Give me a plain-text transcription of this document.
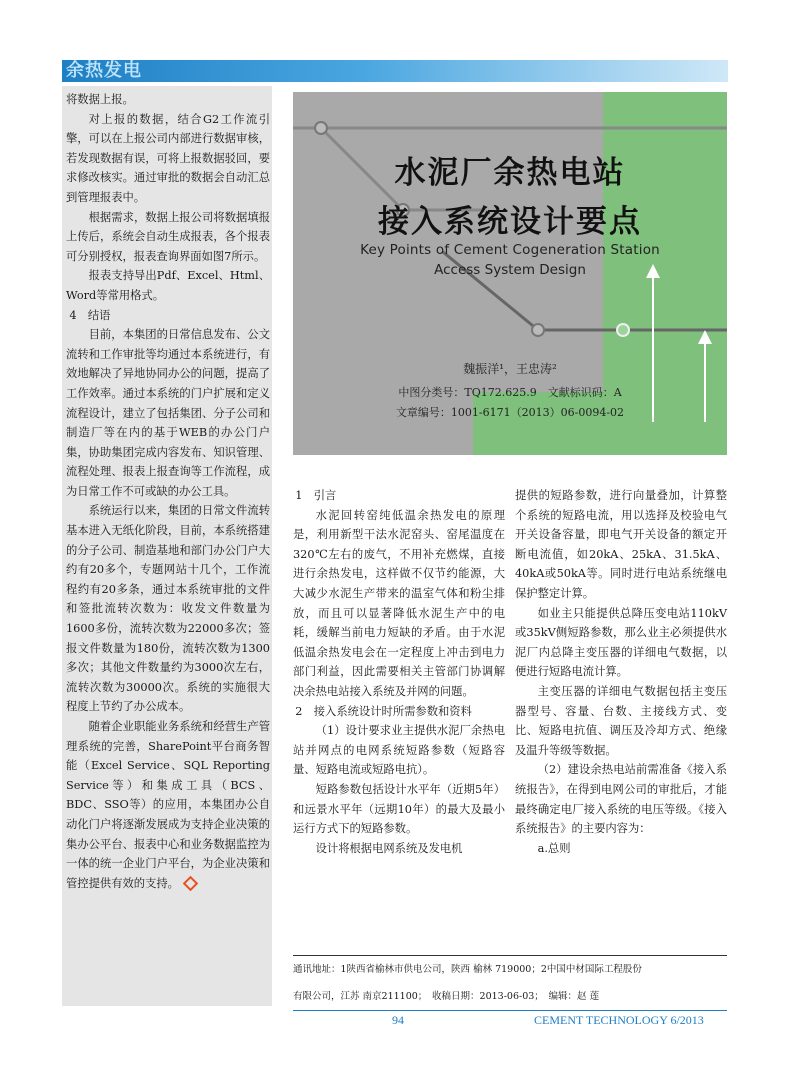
余热发电

将数据上报。

对上报的数据，结合G2工作流引擎，可以在上报公司内部进行数据审核，若发现数据有误，可将上报数据驳回，要求修改核实。通过审批的数据会自动汇总到管理报表中。

根据需求，数据上报公司将数据填报上传后，系统会自动生成报表，各个报表可分别授权，报表查询界面如图7所示。

报表支持导出Pdf、Excel、Html、Word等常用格式。

4　结语

目前，本集团的日常信息发布、公文流转和工作审批等均通过本系统进行，有效地解决了异地协同办公的问题，提高了工作效率。通过本系统的门户扩展和定义流程设计，建立了包括集团、分子公司和制造厂等在内的基于WEB的办公门户集，协助集团完成内容发布、知识管理、流程处理、报表上报查询等工作流程，成为日常工作不可或缺的办公工具。

系统运行以来，集团的日常文件流转基本进入无纸化阶段，目前，本系统搭建的分子公司、制造基地和部门办公门户大约有20多个，专题网站十几个，工作流程约有20多条，通过本系统审批的文件和签批流转次数为：收发文件数量为1600多份，流转次数为22000多次；签报文件数量为180份，流转次数为1300多次；其他文件数量约为3000次左右，流转次数为30000次。系统的实施很大程度上节约了办公成本。

随着企业职能业务系统和经营生产管理系统的完善，SharePoint平台商务智能（Excel Service、SQL Reporting Service等）和集成工具（BCS、BDC、SSO等）的应用，本集团办公自动化门户将逐渐发展成为支持企业决策的集办公平台、报表中心和业务数据监控为一体的统一企业门户平台，为企业决策和管控提供有效的支持。

水泥厂余热电站
接入系统设计要点
Key Points of Cement Cogeneration Station
Access System Design
魏振洋¹，王忠涛²
中图分类号：TQ172.625.9　文献标识码：A
文章编号：1001-6171（2013）06-0094-02

1　引言

水泥回转窑纯低温余热发电的原理是，利用新型干法水泥窑头、窑尾温度在320℃左右的废气，不用补充燃煤，直接进行余热发电，这样做不仅节约能源，大大减少水泥生产带来的温室气体和粉尘排放，而且可以显著降低水泥生产中的电耗，缓解当前电力短缺的矛盾。由于水泥低温余热发电会在一定程度上冲击到电力部门利益，因此需要相关主管部门协调解决余热电站接入系统及并网的问题。

2　接入系统设计时所需参数和资料

（1）设计要求业主提供水泥厂余热电站并网点的电网系统短路参数（短路容量、短路电流或短路电抗）。

短路参数包括设计水平年（近期5年）和远景水平年（远期10年）的最大及最小运行方式下的短路参数。

设计将根据电网系统及发电机

提供的短路参数，进行向量叠加，计算整个系统的短路电流，用以选择及校验电气开关设备容量，即电气开关设备的额定开断电流值，如20kA、25kA、31.5kA、40kA或50kA等。同时进行电站系统继电保护整定计算。

如业主只能提供总降压变电站110kV或35kV侧短路参数，那么业主必须提供水泥厂内总降主变压器的详细电气数据，以便进行短路电流计算。

主变压器的详细电气数据包括主变压器型号、容量、台数、主接线方式、变比、短路电抗值、调压及冷却方式、绝缘及温升等级等数据。

（2）建设余热电站前需准备《接入系统报告》，在得到电网公司的审批后，才能最终确定电厂接入系统的电压等级。《接入系统报告》的主要内容为：

a.总则

通讯地址：1陕西省榆林市供电公司，陕西 榆林 719000；2中国中材国际工程股份
有限公司，江苏 南京211100；　收稿日期：2013-06-03；　编辑：赵 莲
94	CEMENT TECHNOLOGY 6/2013
